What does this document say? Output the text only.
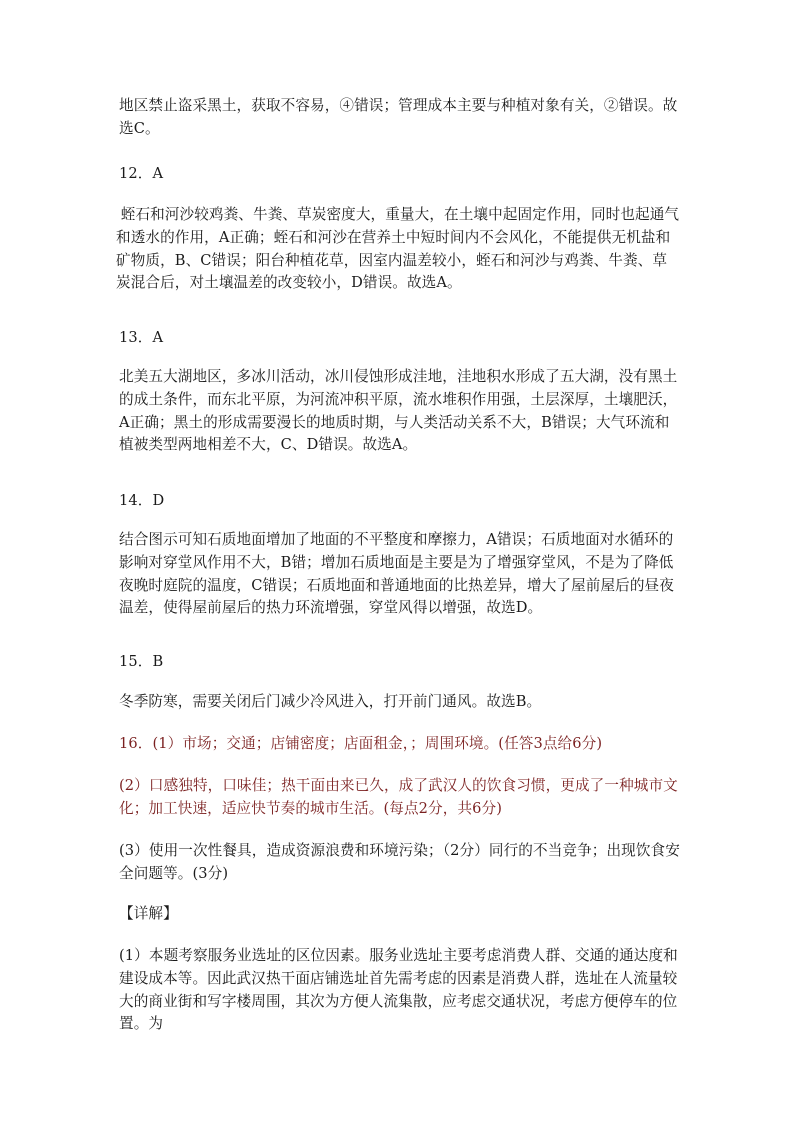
地区禁止盗采黑土，获取不容易，④错误；管理成本主要与种植对象有关，②错误。故选C。
12．A
蛭石和河沙较鸡粪、牛粪、草炭密度大，重量大，在土壤中起固定作用，同时也起通气和透水的作用，A正确；蛭石和河沙在营养土中短时间内不会风化，不能提供无机盐和矿物质，B、C错误；阳台种植花草，因室内温差较小，蛭石和河沙与鸡粪、牛粪、草炭混合后，对土壤温差的改变较小，D错误。故选A。
13．A
北美五大湖地区，多冰川活动，冰川侵蚀形成洼地，洼地积水形成了五大湖，没有黑土的成土条件，而东北平原，为河流冲积平原，流水堆积作用强，土层深厚，土壤肥沃，A正确；黑土的形成需要漫长的地质时期，与人类活动关系不大，B错误；大气环流和植被类型两地相差不大，C、D错误。故选A。
14．D
结合图示可知石质地面增加了地面的不平整度和摩擦力，A错误；石质地面对水循环的影响对穿堂风作用不大，B错；增加石质地面是主要是为了增强穿堂风，不是为了降低夜晚时庭院的温度，C错误；石质地面和普通地面的比热差异，增大了屋前屋后的昼夜温差，使得屋前屋后的热力环流增强，穿堂风得以增强，故选D。
15．B
冬季防寒，需要关闭后门减少冷风进入，打开前门通风。故选B。
16．(1）市场；交通；店铺密度；店面租金，；周围环境。(任答3点给6分)
(2）口感独特，口味佳；热干面由来已久，成了武汉人的饮食习惯，更成了一种城市文化；加工快速，适应快节奏的城市生活。(每点2分，共6分)
(3）使用一次性餐具，造成资源浪费和环境污染；（2分）同行的不当竞争；出现饮食安全问题等。(3分)
【详解】
(1）本题考察服务业选址的区位因素。服务业选址主要考虑消费人群、交通的通达度和建设成本等。因此武汉热干面店铺选址首先需考虑的因素是消费人群，选址在人流量较大的商业街和写字楼周围，其次为方便人流集散，应考虑交通状况，考虑方便停车的位置。为
